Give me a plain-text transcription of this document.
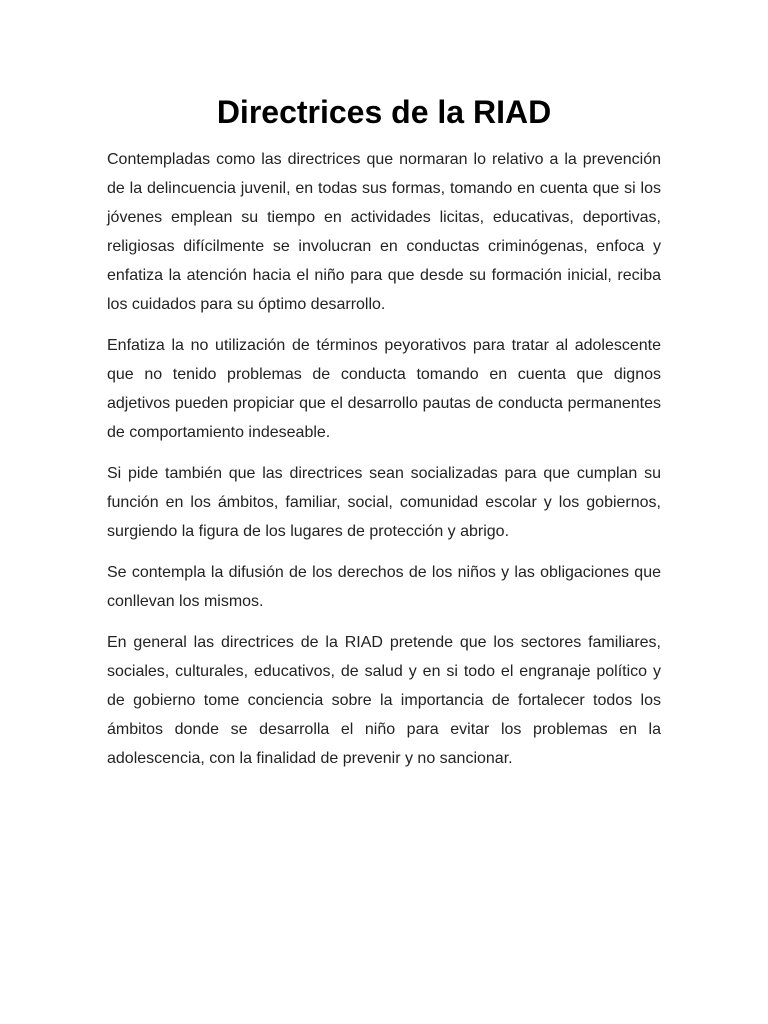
Directrices de la RIAD

Contempladas como las directrices que normaran lo relativo a la prevención de la delincuencia juvenil, en todas sus formas, tomando en cuenta que si los jóvenes emplean su tiempo en actividades licitas, educativas, deportivas, religiosas difícilmente se involucran en conductas criminógenas, enfoca y enfatiza la atención hacia el niño para que desde su formación inicial, reciba los cuidados para su óptimo desarrollo.

Enfatiza la no utilización de términos peyorativos para tratar al adolescente que no tenido problemas de conducta tomando en cuenta que dignos adjetivos pueden propiciar que el desarrollo pautas de conducta permanentes de comportamiento indeseable.

Si pide también que las directrices sean socializadas para que cumplan su función en los ámbitos, familiar, social, comunidad escolar y los gobiernos, surgiendo la figura de los lugares de protección y abrigo.

Se contempla la difusión de los derechos de los niños y las obligaciones que conllevan los mismos.

En general las directrices de la RIAD pretende que los sectores familiares, sociales, culturales, educativos, de salud y en si todo el engranaje político y de gobierno tome conciencia sobre la importancia de fortalecer todos los ámbitos donde se desarrolla el niño para evitar los problemas en la adolescencia, con la finalidad de prevenir y no sancionar.
